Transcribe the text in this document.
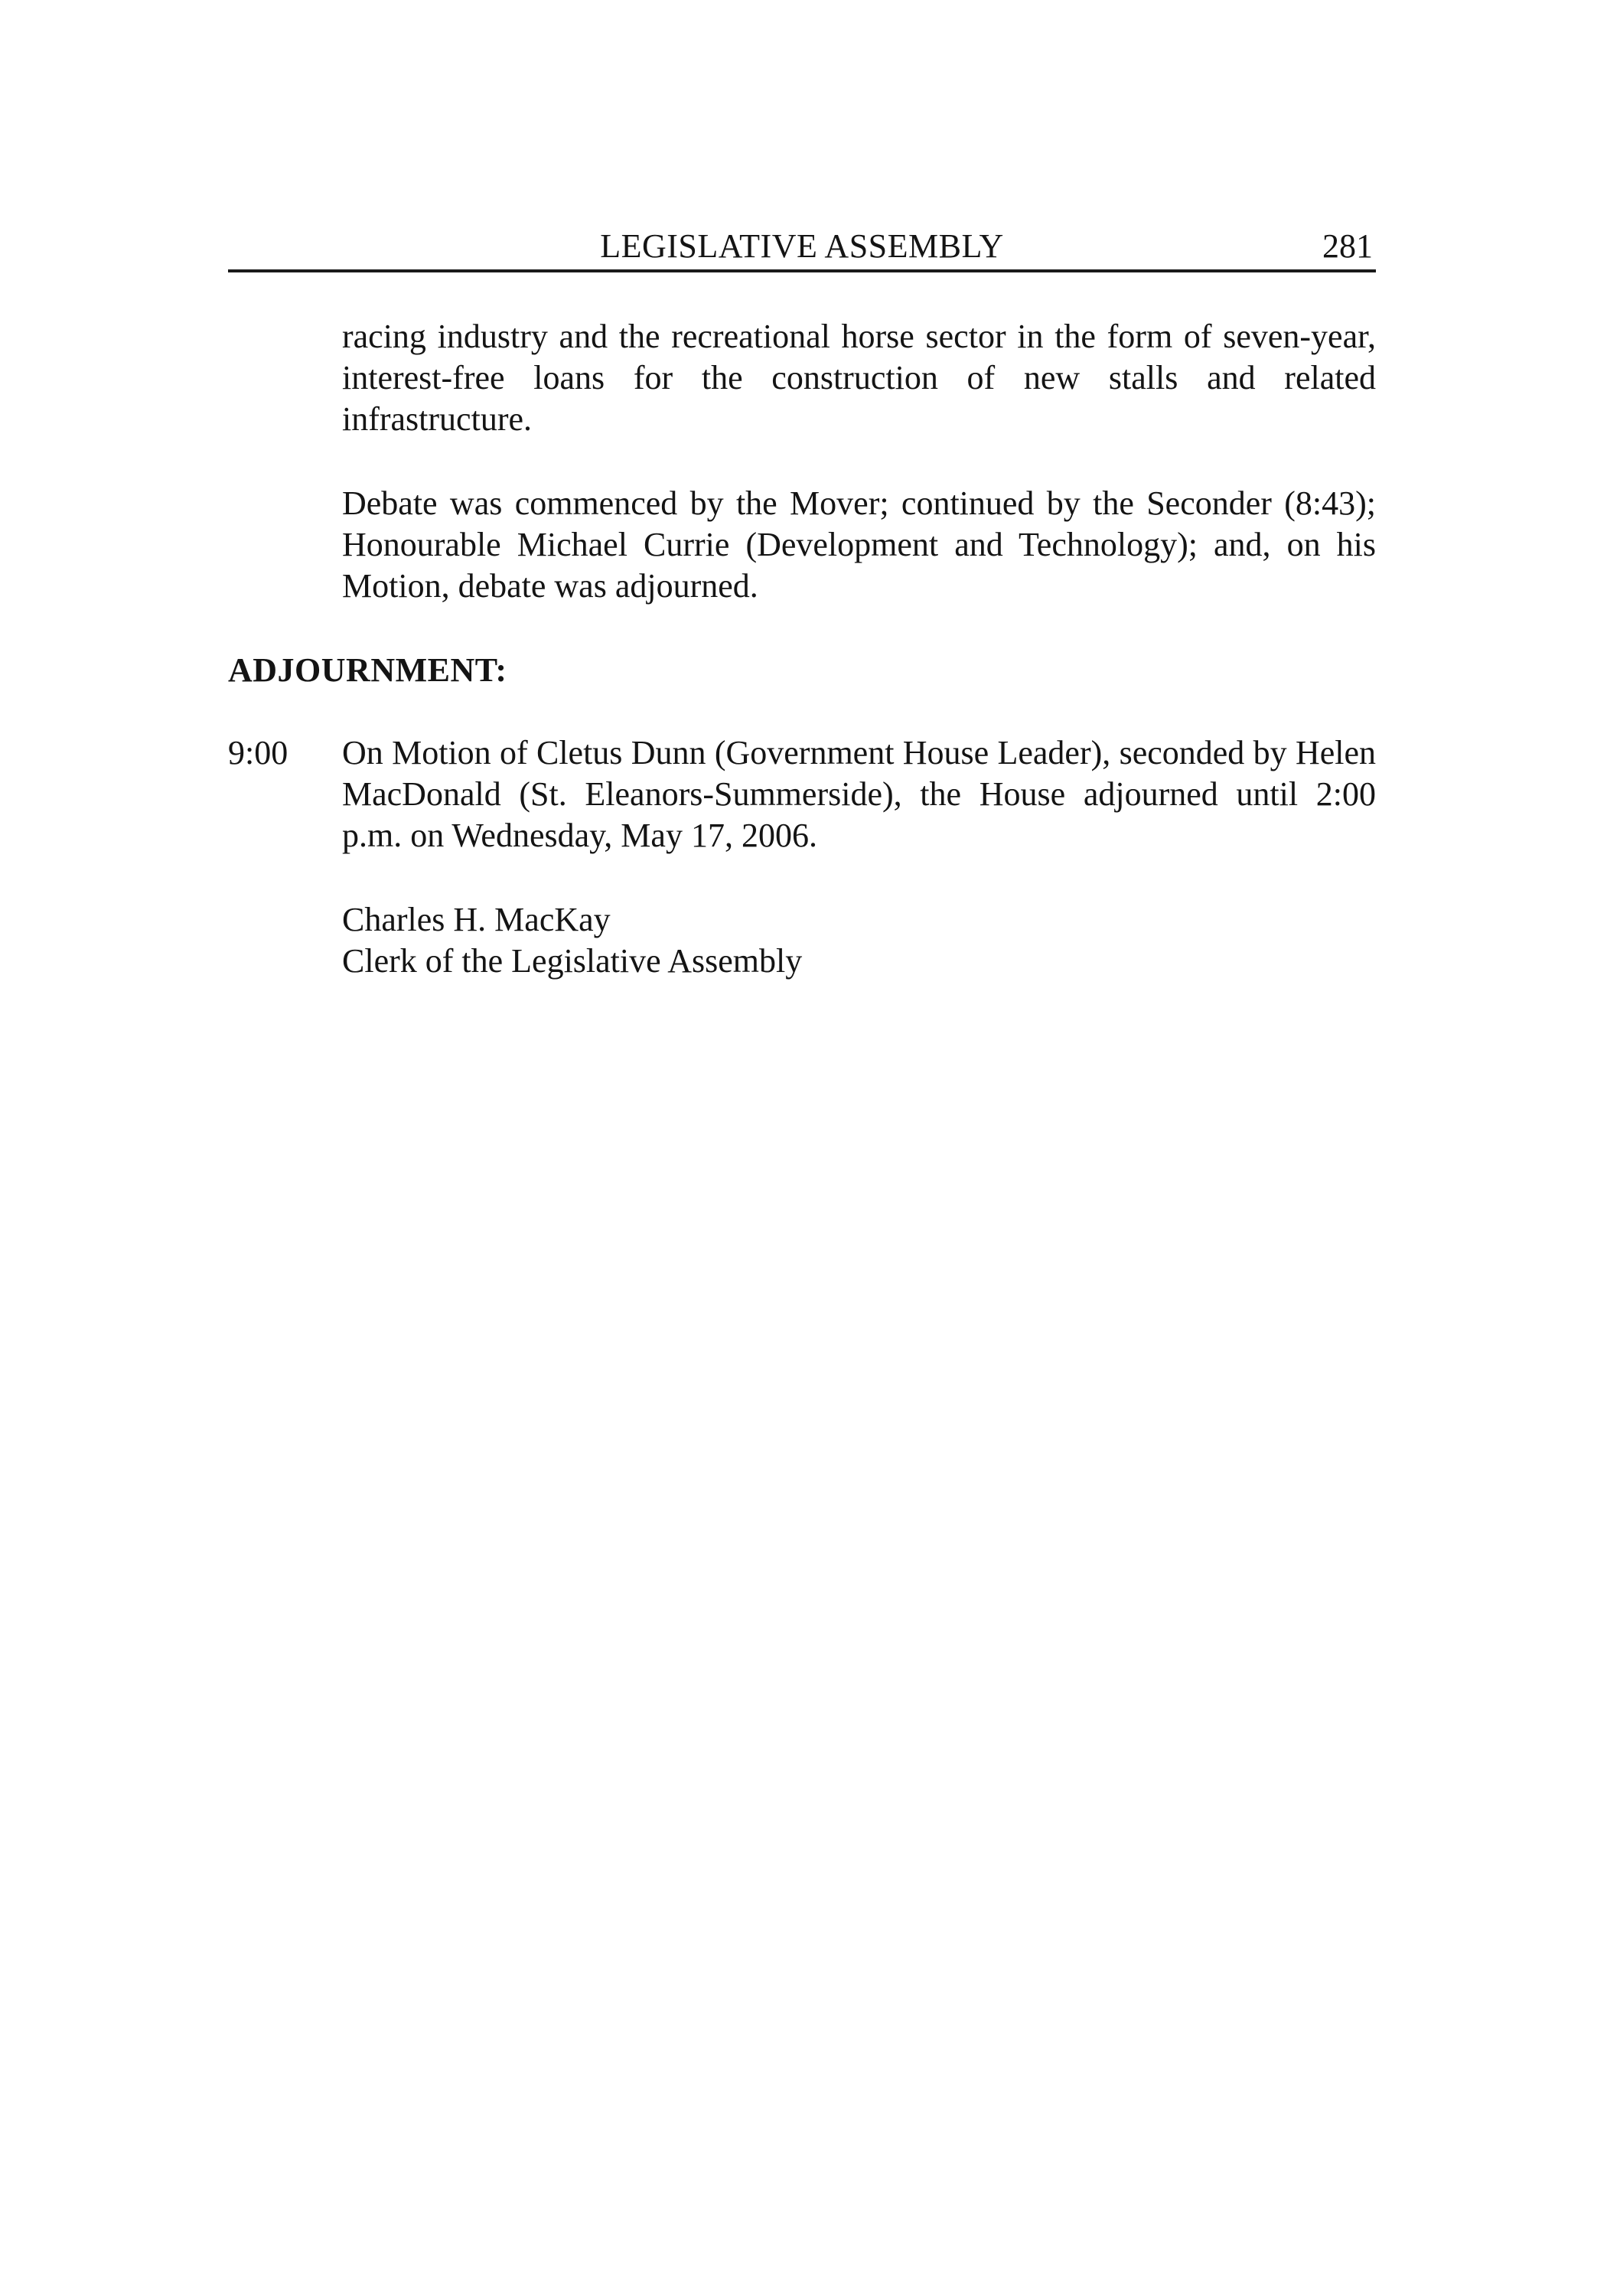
LEGISLATIVE ASSEMBLY	281
racing industry and the recreational horse sector in the form of seven-year, interest-free loans for the construction of new stalls and related infrastructure.
Debate was commenced by the Mover; continued by the Seconder (8:43); Honourable Michael Currie (Development and Technology); and, on his Motion, debate was adjourned.
ADJOURNMENT:
9:00 On Motion of Cletus Dunn (Government House Leader), seconded by Helen MacDonald (St. Eleanors-Summerside), the House adjourned until 2:00 p.m. on Wednesday, May 17, 2006.
Charles H. MacKay
Clerk of the Legislative Assembly
